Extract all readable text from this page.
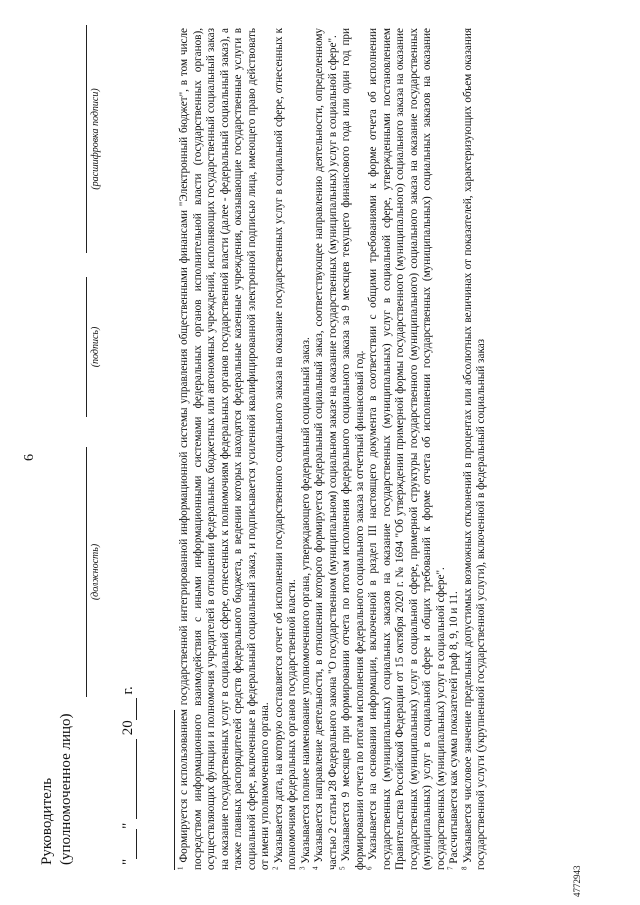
6
Руководитель (уполномоченное лицо)
(должность)
(подпись)
(расшифровка подписи)
""  20 г.

$^1$ Формируется с использованием государственной интегрированной информационной системы управления общественными финансами "Электронный бюджет", в том числе посредством информационного взаимодействия с иными информационными системами федеральных органов исполнительной власти (государственных органов), осуществляющих функции и полномочия учредителей в отношении федеральных бюджетных или автономных учреждений, исполняющих государственный социальный заказ на оказание государственных услуг в социальной сфере, отнесенных к полномочиям федеральных органов государственной власти (далее - федеральный социальный заказ), а также главных распорядителей средств федерального бюджета, в ведении которых находятся федеральные казенные учреждения, оказывающие государственные услуги в социальной сфере, включенные в федеральный социальный заказ, и подписывается усиленной квалифицированной электронной подписью лица, имеющего право действовать от имени уполномоченного органа. $^2$ Указывается дата, на которую составляется отчет об исполнении государственного социального заказа на оказание государственных услуг в социальной сфере, отнесенных к полномочиям федеральных органов государственной власти. $^3$ Указывается полное наименование уполномоченного органа, утверждающего федеральный социальный заказ.

$^4$ Указывается направление деятельности, в отношении которого формируется федеральный социальный заказ, соответствующее направлению деятельности, определенному частью 2 статьи 28 Федерального закона "О государственном (муниципальном) социальном заказе на оказание государственных (муниципальных) услуг в социальной сфере". $^5$ Указывается 9 месяцев при формировании отчета по итогам исполнения федерального социального заказа за 9 месяцев текущего финансового года или один год при формировании отчета по итогам исполнения федерального социального заказа за отчетный финансовый год. $^6$ Указывается на основании информации, включенной в раздел III настоящего документа в соответствии с общими требованиями к форме отчета об исполнении государственных (муниципальных) социальных заказов на оказание государственных (муниципальных) услуг в социальной сфере, утвержденными постановлением Правительства Российской Федерации от 15 октября 2020 г. № 1694 "Об утверждении примерной формы государственного (муниципального) социального заказа на оказание государственных (муниципальных) услуг в социальной сфере, примерной структуры государственного (муниципального) социального заказа на оказание государственных (муниципальных) услуг в социальной сфере и общих требований к форме отчета об исполнении государственных (муниципальных) социальных заказов на оказание государственных (муниципальных) услуг в социальной сфере". $^7$ Рассчитывается как сумма показателей граф 8, 9, 10 и 11.

$^8$ Указывается числовое значение предельных допустимых возможных отклонений в процентах или абсолютных величинах от показателей, характеризующих объем оказания государственной услуги (укрупненной государственной услуги), включенной в федеральный социальный заказ

4772943
